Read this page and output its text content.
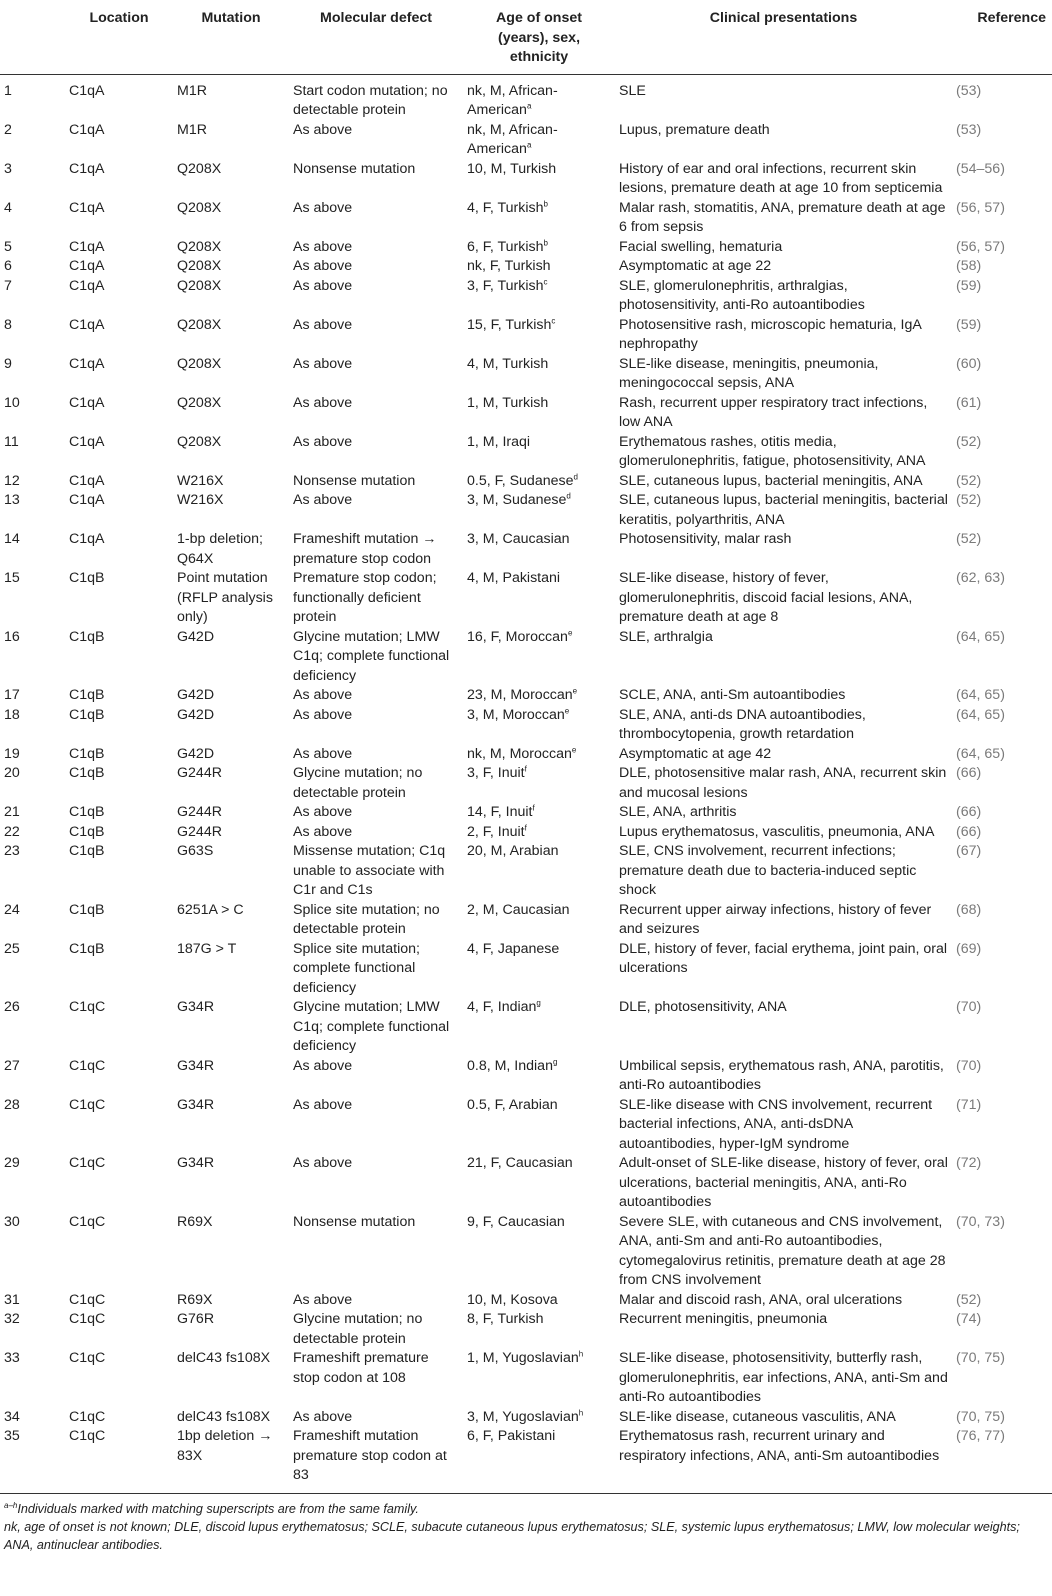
	Location	Mutation	Molecular defect	Age of onset (years), sex, ethnicity	Clinical presentations	Reference
1	C1qA	M1R	Start codon mutation; no detectable protein	nk, M, African-American$^a$	SLE	(53)
2	C1qA	M1R	As above	nk, M, African-American$^a$	Lupus, premature death	(53)
3	C1qA	Q208X	Nonsense mutation	10, M, Turkish	History of ear and oral infections, recurrent skin lesions, premature death at age 10 from septicemia	(54–56)
4	C1qA	Q208X	As above	4, F, Turkish$^b$	Malar rash, stomatitis, ANA, premature death at age 6 from sepsis	(56, 57)
5	C1qA	Q208X	As above	6, F, Turkish$^b$	Facial swelling, hematuria	(56, 57)
6	C1qA	Q208X	As above	nk, F, Turkish	Asymptomatic at age 22	(58)
7	C1qA	Q208X	As above	3, F, Turkish$^c$	SLE, glomerulonephritis, arthralgias, photosensitivity, anti-Ro autoantibodies	(59)
8	C1qA	Q208X	As above	15, F, Turkish$^c$	Photosensitive rash, microscopic hematuria, IgA nephropathy	(59)
9	C1qA	Q208X	As above	4, M, Turkish	SLE-like disease, meningitis, pneumonia, meningococcal sepsis, ANA	(60)
10	C1qA	Q208X	As above	1, M, Turkish	Rash, recurrent upper respiratory tract infections, low ANA	(61)
11	C1qA	Q208X	As above	1, M, Iraqi	Erythematous rashes, otitis media, glomerulonephritis, fatigue, photosensitivity, ANA	(52)
12	C1qA	W216X	Nonsense mutation	0.5, F, Sudanese$^d$	SLE, cutaneous lupus, bacterial meningitis, ANA	(52)
13	C1qA	W216X	As above	3, M, Sudanese$^d$	SLE, cutaneous lupus, bacterial meningitis, bacterial keratitis, polyarthritis, ANA	(52)
14	C1qA	1-bp deletion; Q64X	Frameshift mutation → premature stop codon	3, M, Caucasian	Photosensitivity, malar rash	(52)
15	C1qB	Point mutation (RFLP analysis only)	Premature stop codon; functionally deficient protein	4, M, Pakistani	SLE-like disease, history of fever, glomerulonephritis, discoid facial lesions, ANA, premature death at age 8	(62, 63)
16	C1qB	G42D	Glycine mutation; LMW C1q; complete functional deficiency	16, F, Moroccan$^e$	SLE, arthralgia	(64, 65)
17	C1qB	G42D	As above	23, M, Moroccan$^e$	SCLE, ANA, anti-Sm autoantibodies	(64, 65)
18	C1qB	G42D	As above	3, M, Moroccan$^e$	SLE, ANA, anti-ds DNA autoantibodies, thrombocytopenia, growth retardation	(64, 65)
19	C1qB	G42D	As above	nk, M, Moroccan$^e$	Asymptomatic at age 42	(64, 65)
20	C1qB	G244R	Glycine mutation; no detectable protein	3, F, Inuit$^f$	DLE, photosensitive malar rash, ANA, recurrent skin and mucosal lesions	(66)
21	C1qB	G244R	As above	14, F, Inuit$^f$	SLE, ANA, arthritis	(66)
22	C1qB	G244R	As above	2, F, Inuit$^f$	Lupus erythematosus, vasculitis, pneumonia, ANA	(66)
23	C1qB	G63S	Missense mutation; C1q unable to associate with C1r and C1s	20, M, Arabian	SLE, CNS involvement, recurrent infections; premature death due to bacteria-induced septic shock	(67)
24	C1qB	6251A > C	Splice site mutation; no detectable protein	2, M, Caucasian	Recurrent upper airway infections, history of fever and seizures	(68)
25	C1qB	187G > T	Splice site mutation; complete functional deficiency	4, F, Japanese	DLE, history of fever, facial erythema, joint pain, oral ulcerations	(69)
26	C1qC	G34R	Glycine mutation; LMW C1q; complete functional deficiency	4, F, Indian$^g$	DLE, photosensitivity, ANA	(70)
27	C1qC	G34R	As above	0.8, M, Indian$^g$	Umbilical sepsis, erythematous rash, ANA, parotitis, anti-Ro autoantibodies	(70)
28	C1qC	G34R	As above	0.5, F, Arabian	SLE-like disease with CNS involvement, recurrent bacterial infections, ANA, anti-dsDNA autoantibodies, hyper-IgM syndrome	(71)
29	C1qC	G34R	As above	21, F, Caucasian	Adult-onset of SLE-like disease, history of fever, oral ulcerations, bacterial meningitis, ANA, anti-Ro autoantibodies	(72)
30	C1qC	R69X	Nonsense mutation	9, F, Caucasian	Severe SLE, with cutaneous and CNS involvement, ANA, anti-Sm and anti-Ro autoantibodies, cytomegalovirus retinitis, premature death at age 28 from CNS involvement	(70, 73)
31	C1qC	R69X	As above	10, M, Kosova	Malar and discoid rash, ANA, oral ulcerations	(52)
32	C1qC	G76R	Glycine mutation; no detectable protein	8, F, Turkish	Recurrent meningitis, pneumonia	(74)
33	C1qC	delC43 fs108X	Frameshift premature stop codon at 108	1, M, Yugoslavian$^h$	SLE-like disease, photosensitivity, butterfly rash, glomerulonephritis, ear infections, ANA, anti-Sm and anti-Ro autoantibodies	(70, 75)
34	C1qC	delC43 fs108X	As above	3, M, Yugoslavian$^h$	SLE-like disease, cutaneous vasculitis, ANA	(70, 75)
35	C1qC	1bp deletion → 83X	Frameshift mutation premature stop codon at 83	6, F, Pakistani	Erythematosus rash, recurrent urinary and respiratory infections, ANA, anti-Sm autoantibodies	(76, 77)
$^{a-h}$Individuals marked with matching superscripts are from the same family.
nk, age of onset is not known; DLE, discoid lupus erythematosus; SCLE, subacute cutaneous lupus erythematosus; SLE, systemic lupus erythematosus; LMW, low molecular weights; ANA, antinuclear antibodies.
